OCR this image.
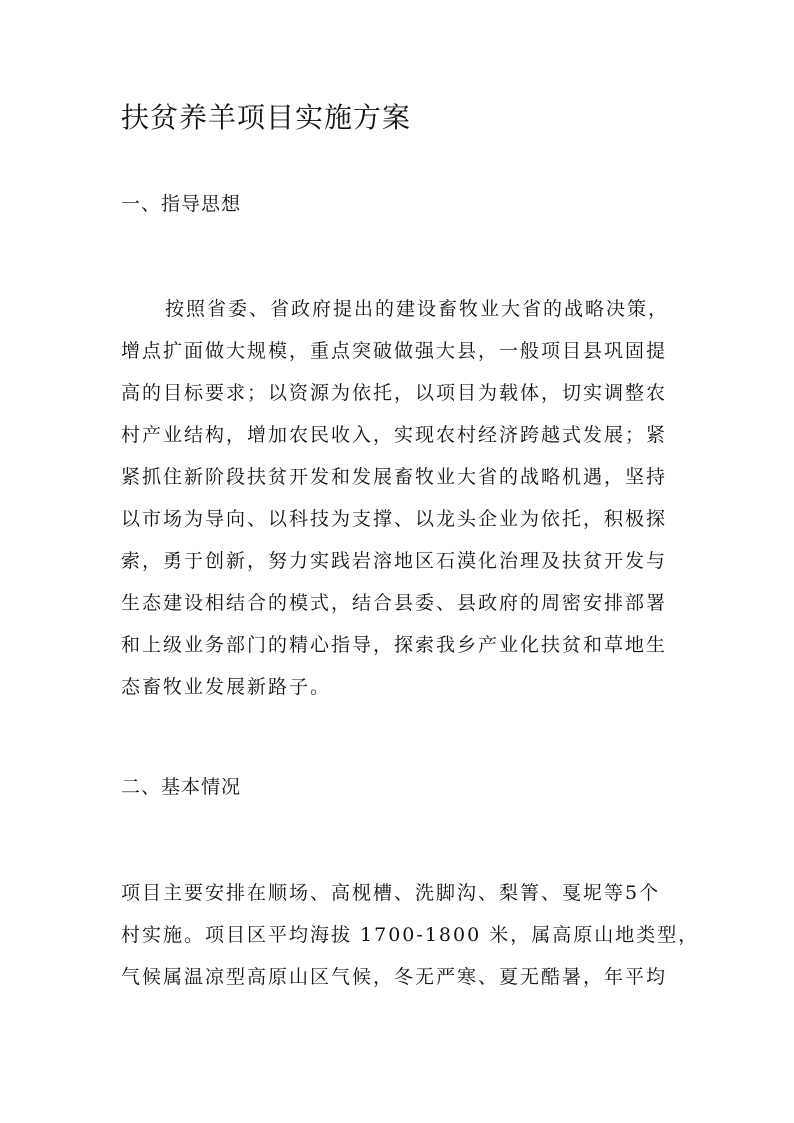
扶贫养羊项目实施方案
一、指导思想
按照省委、省政府提出的建设畜牧业大省的战略决策，
增点扩面做大规模，重点突破做强大县，一般项目县巩固提
高的目标要求；以资源为依托，以项目为载体，切实调整农
村产业结构，增加农民收入，实现农村经济跨越式发展；紧
紧抓住新阶段扶贫开发和发展畜牧业大省的战略机遇，坚持
以市场为导向、以科技为支撑、以龙头企业为依托，积极探
索，勇于创新，努力实践岩溶地区石漠化治理及扶贫开发与
生态建设相结合的模式，结合县委、县政府的周密安排部署
和上级业务部门的精心指导，探索我乡产业化扶贫和草地生
态畜牧业发展新路子。
二、基本情况
项目主要安排在顺场、高枧槽、洗脚沟、梨箐、戛坭等5个
村实施。项目区平均海拔 1700-1800 米，属高原山地类型，
气候属温凉型高原山区气候，冬无严寒、夏无酷暑，年平均
